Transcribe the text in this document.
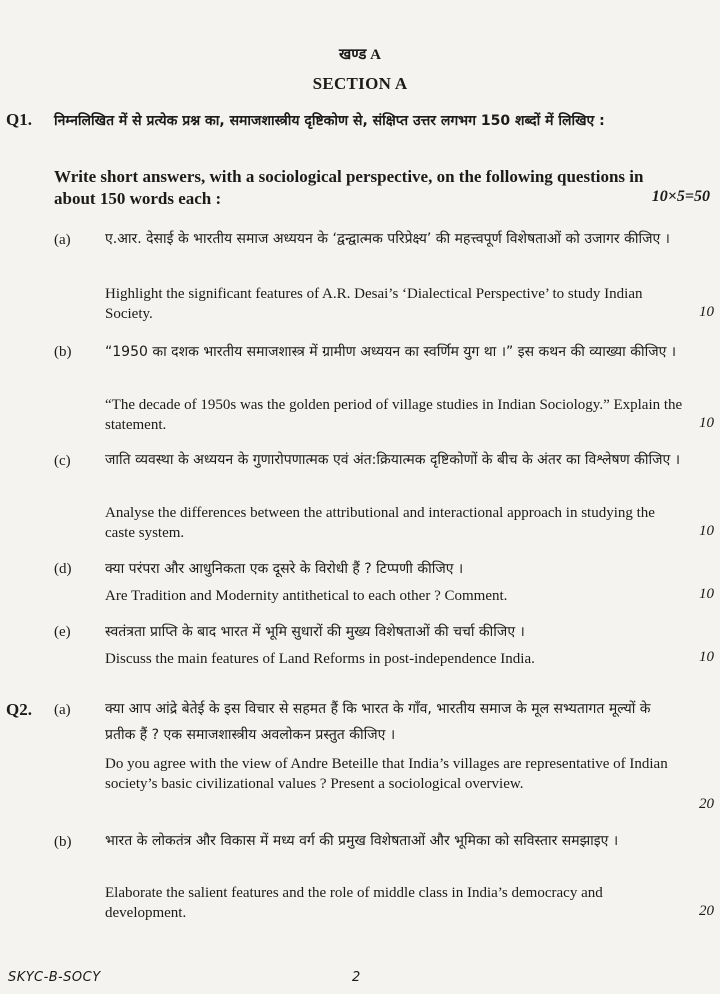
खण्ड A
SECTION A
Q1. निम्नलिखित में से प्रत्येक प्रश्न का, समाजशास्त्रीय दृष्टिकोण से, संक्षिप्त उत्तर लगभग 150 शब्दों में लिखिए :
Write short answers, with a sociological perspective, on the following questions in about 150 words each :	10×5=50
(a) ए.आर. देसाई के भारतीय समाज अध्ययन के ‘द्वन्द्वात्मक परिप्रेक्ष्य’ की महत्त्वपूर्ण विशेषताओं को उजागर कीजिए ।
Highlight the significant features of A.R. Desai’s ‘Dialectical Perspective’ to study Indian Society.	10
(b) “1950 का दशक भारतीय समाजशास्त्र में ग्रामीण अध्ययन का स्वर्णिम युग था ।” इस कथन की व्याख्या कीजिए ।
“The decade of 1950s was the golden period of village studies in Indian Sociology.” Explain the statement.	10
(c) जाति व्यवस्था के अध्ययन के गुणारोपणात्मक एवं अंत:क्रियात्मक दृष्टिकोणों के बीच के अंतर का विश्लेषण कीजिए ।
Analyse the differences between the attributional and interactional approach in studying the caste system.	10
(d) क्या परंपरा और आधुनिकता एक दूसरे के विरोधी हैं ? टिप्पणी कीजिए ।
Are Tradition and Modernity antithetical to each other ? Comment.	10
(e) स्वतंत्रता प्राप्ति के बाद भारत में भूमि सुधारों की मुख्य विशेषताओं की चर्चा कीजिए ।
Discuss the main features of Land Reforms in post-independence India.	10
Q2. (a) क्या आप आंद्रे बेतेई के इस विचार से सहमत हैं कि भारत के गाँव, भारतीय समाज के मूल सभ्यतागत मूल्यों के प्रतीक हैं ? एक समाजशास्त्रीय अवलोकन प्रस्तुत कीजिए ।
Do you agree with the view of Andre Beteille that India’s villages are representative of Indian society’s basic civilizational values ? Present a sociological overview.
20
(b) भारत के लोकतंत्र और विकास में मध्य वर्ग की प्रमुख विशेषताओं और भूमिका को सविस्तार समझाइए ।
Elaborate the salient features and the role of middle class in India’s democracy and development.	20
SKYC-B-SOCY	2
